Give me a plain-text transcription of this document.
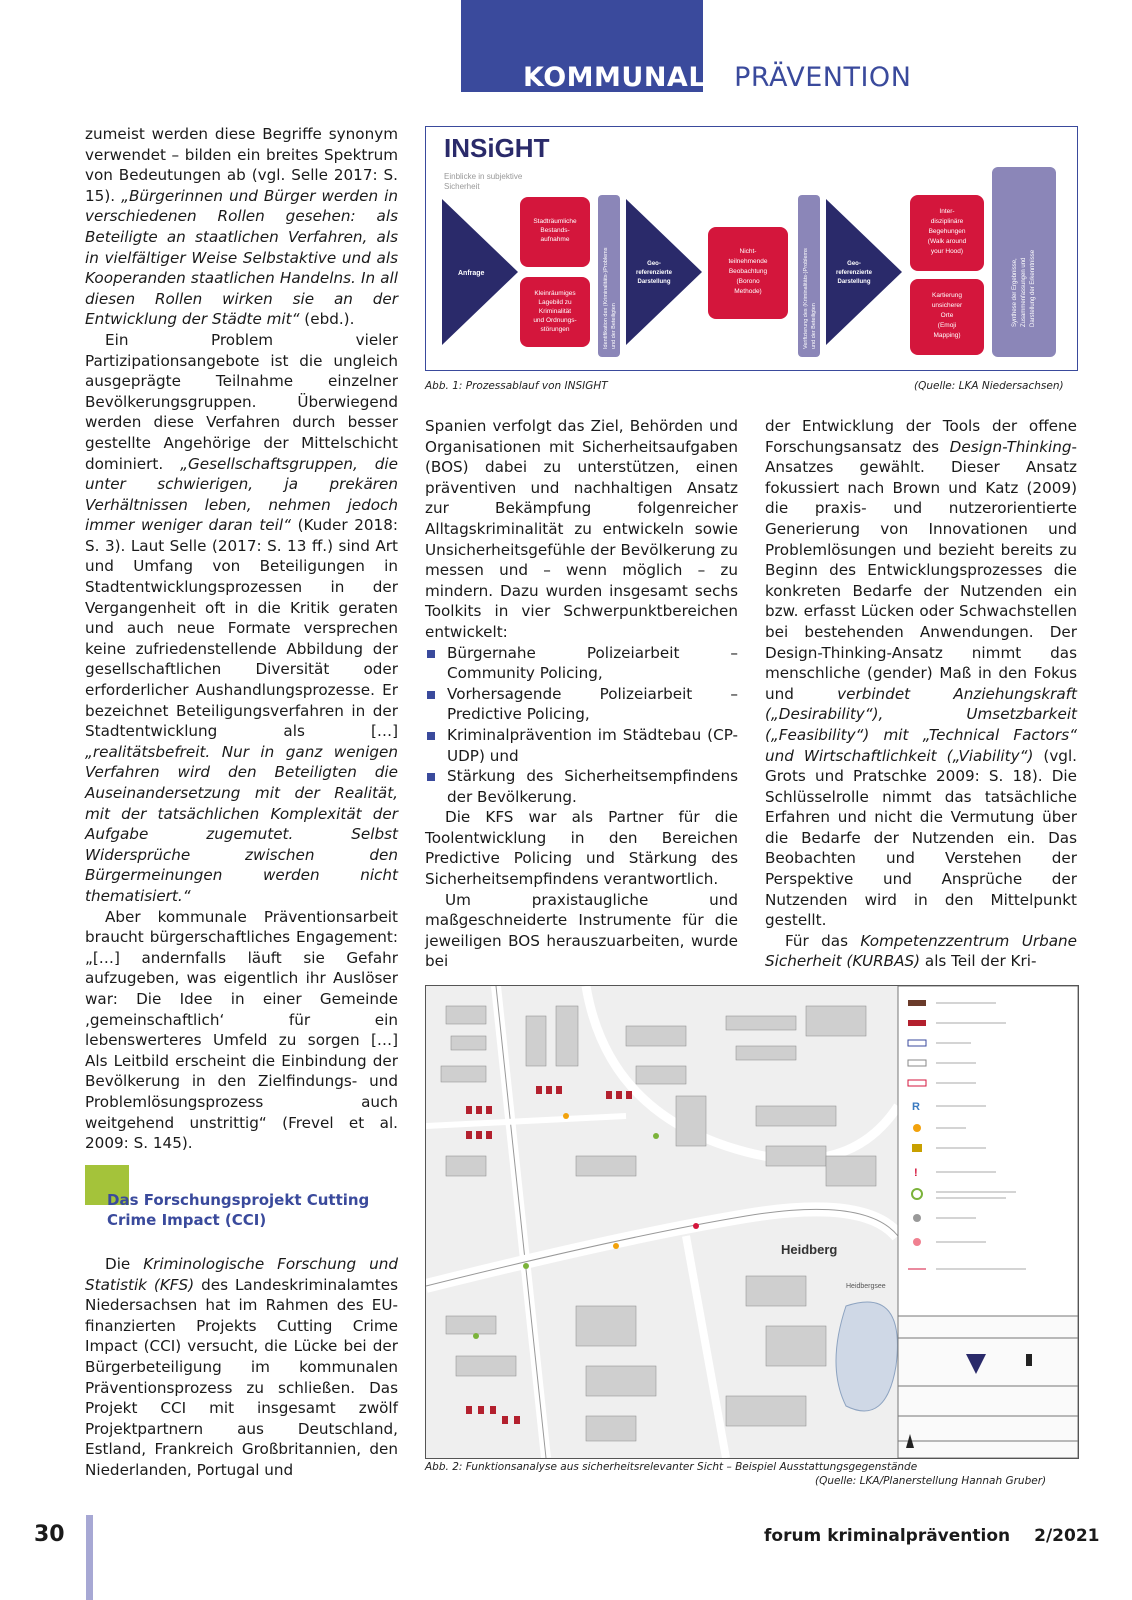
KOMMUNALE PRÄVENTION

zumeist werden diese Begriffe synonym verwendet – bilden ein breites Spektrum von Bedeutungen ab (vgl. Selle 2017: S. 15). „Bürgerinnen und Bürger werden in verschiedenen Rollen gesehen: als Beteiligte an staatlichen Verfahren, als in vielfältiger Weise Selbstaktive und als Kooperanden staatlichen Handelns. In all diesen Rollen wirken sie an der Entwicklung der Städte mit“ (ebd.).

Ein Problem vieler Partizipationsangebote ist die ungleich ausgeprägte Teilnahme einzelner Bevölkerungsgruppen. Überwiegend werden diese Verfahren durch besser gestellte Angehörige der Mittelschicht dominiert. „Gesellschaftsgruppen, die unter schwierigen, ja prekären Verhältnissen leben, nehmen jedoch immer weniger daran teil“ (Kuder 2018: S. 3). Laut Selle (2017: S. 13 ff.) sind Art und Umfang von Beteiligungen in Stadtentwicklungsprozessen in der Vergangenheit oft in die Kritik geraten und auch neue Formate versprechen keine zufriedenstellende Abbildung der gesellschaftlichen Diversität oder erforderlicher Aushandlungsprozesse. Er bezeichnet Beteiligungsverfahren in der Stadtentwicklung als […] „realitätsbefreit. Nur in ganz wenigen Verfahren wird den Beteiligten die Auseinandersetzung mit der Realität, mit der tatsächlichen Komplexität der Aufgabe zugemutet. Selbst Widersprüche zwischen den Bürgermeinungen werden nicht thematisiert.“

Aber kommunale Präventionsarbeit braucht bürgerschaftliches Engagement: „[…] andernfalls läuft sie Gefahr aufzugeben, was eigentlich ihr Auslöser war: Die Idee in einer Gemeinde ‚gemeinschaftlich‘ für ein lebenswerteres Umfeld zu sorgen […] Als Leitbild erscheint die Einbindung der Bevölkerung in den Zielfindungs- und Problemlösungsprozess auch weitgehend unstrittig“ (Frevel et al. 2009: S. 145).

Das Forschungsprojekt Cutting Crime Impact (CCI)

Die Kriminologische Forschung und Statistik (KFS) des Landeskriminalamtes Niedersachsen hat im Rahmen des EU-finanzierten Projekts Cutting Crime Impact (CCI) versucht, die Lücke bei der Bürgerbeteiligung im kommunalen Präventionsprozess zu schließen. Das Projekt CCI mit insgesamt zwölf Projektpartnern aus Deutschland, Estland, Frankreich Großbritannien, den Niederlanden, Portugal und

INSiGHT
Einblicke in subjektive
Sicherheit
Anfrage
Stadträumliche
Bestands-
aufnahme
Kleinräumiges
Lagebild zu
Kriminalität
und Ordnungs-
störungen	Identifikation des (Kriminalitäts-)Problems und der Beteiligten
Geo-
referenzierte
Darstellung
Nicht-
teilnehmende
Beobachtung
(Borono
Methode)	Verifizierung des (Kriminalitäts-)Problems und der Beteiligten
Geo-
referenzierte
Darstellung
Inter-
disziplinäre
Begehungen
(Walk around
your Hood)
Kartierung
unsicherer
Orte
(Emoji
Mapping)
Synthese der Ergebnisse, Zusammenfassungen und Darstellung der Erkenntnisse
Abb. 1: Prozessablauf von INSIGHT	(Quelle: LKA Niedersachsen)

Spanien verfolgt das Ziel, Behörden und Organisationen mit Sicherheitsaufgaben (BOS) dabei zu unterstützen, einen präventiven und nachhaltigen Ansatz zur Bekämpfung folgenreicher Alltagskriminalität zu entwickeln sowie Unsicherheitsgefühle der Bevölkerung zu messen und – wenn möglich – zu mindern. Dazu wurden insgesamt sechs Toolkits in vier Schwerpunktbereichen entwickelt:

Bürgernahe Polizeiarbeit – Community Policing,
Vorhersagende Polizeiarbeit – Predictive Policing,
Kriminalprävention im Städtebau (CP-UDP) und
Stärkung des Sicherheitsempfindens der Bevölkerung.

Die KFS war als Partner für die Toolentwicklung in den Bereichen Predictive Policing und Stärkung des Sicherheitsempfindens verantwortlich.

Um praxistaugliche und maßgeschneiderte Instrumente für die jeweiligen BOS herauszuarbeiten, wurde bei

der Entwicklung der Tools der offene Forschungsansatz des Design-Thinking-Ansatzes gewählt. Dieser Ansatz fokussiert nach Brown und Katz (2009) die praxis- und nutzerorientierte Generierung von Innovationen und Problemlösungen und bezieht bereits zu Beginn des Entwicklungsprozesses die konkreten Bedarfe der Nutzenden ein bzw. erfasst Lücken oder Schwachstellen bei bestehenden Anwendungen. Der Design-Thinking-Ansatz nimmt das menschliche (gender) Maß in den Fokus und verbindet Anziehungskraft („Desirability“), Umsetzbarkeit („Feasibility“) mit „Technical Factors“ und Wirtschaftlichkeit („Viability“) (vgl. Grots und Pratschke 2009: S. 18). Die Schlüsselrolle nimmt das tatsächliche Erfahren und nicht die Vermutung über die Bedarfe der Nutzenden ein. Das Beobachten und Verstehen der Perspektive und Ansprüche der Nutzenden wird in den Mittelpunkt gestellt.

Für das Kompetenzzentrum Urbane Sicherheit (KURBAS) als Teil der Kri-

Heidberg
Heidbergsee
R
!
Abb. 2: Funktionsanalyse aus sicherheitsrelevanter Sicht – Beispiel Ausstattungsgegenstände
(Quelle: LKA/Planerstellung Hannah Gruber)
30	forum kriminalprävention 2/2021
